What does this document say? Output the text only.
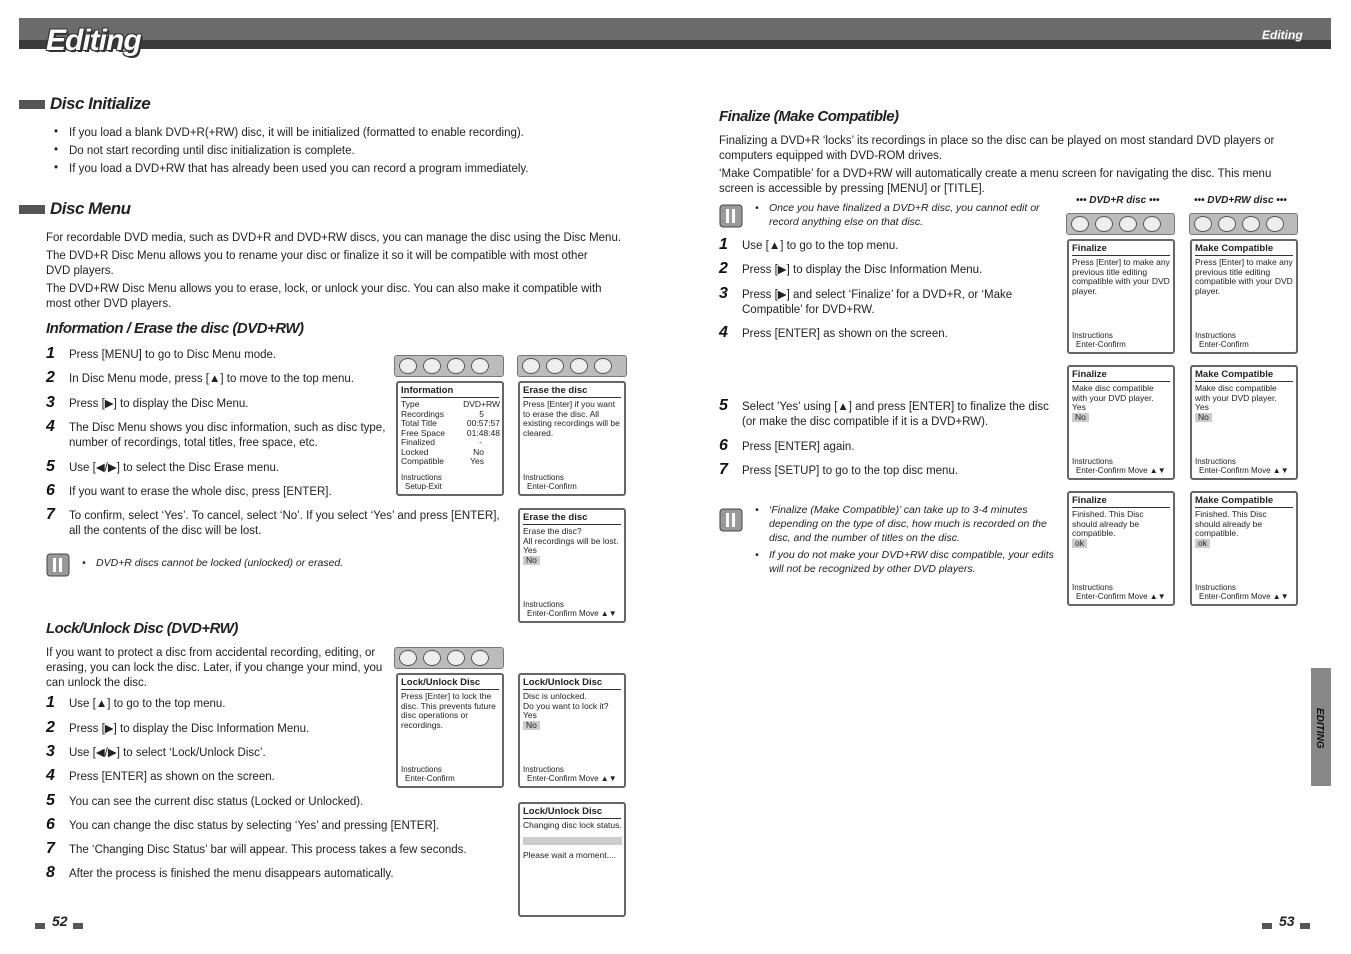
Editing	Editing
Disc Initialize
• If you load a blank DVD+R(+RW) disc, it will be initialized (formatted to enable recording).
• Do not start recording until disc initialization is complete.
• If you load a DVD+RW that has already been used you can record a program immediately.
Disc Menu
For recordable DVD media, such as DVD+R and DVD+RW discs, you can manage the disc using the Disc Menu.
The DVD+R Disc Menu allows you to rename your disc or finalize it so it will be compatible with most other
DVD players.
The DVD+RW Disc Menu allows you to erase, lock, or unlock your disc. You can also make it compatible with
most other DVD players.
Information / Erase the disc (DVD+RW)
1 Press [MENU] to go to Disc Menu mode.
2 In Disc Menu mode, press [▲] to move to the top menu.
3 Press [▶] to display the Disc Menu.
4 The Disc Menu shows you disc information, such as disc type,
number of recordings, total titles, free space, etc.
5 Use [◀/▶] to select the Disc Erase menu.
6 If you want to erase the whole disc, press [ENTER].
7 To confirm, select ‘Yes’. To cancel, select ‘No’. If you select ‘Yes’ and press [ENTER],
all the contents of the disc will be lost.
• DVD+R discs cannot be locked (unlocked) or erased.
Lock/Unlock Disc (DVD+RW)
If you want to protect a disc from accidental recording, editing, or
erasing, you can lock the disc. Later, if you change your mind, you
can unlock the disc.
1 Use [▲] to go to the top menu.
2 Press [▶] to display the Disc Information Menu.
3 Use [◀/▶] to select ‘Lock/Unlock Disc’.
4 Press [ENTER] as shown on the screen.
5 You can see the current disc status (Locked or Unlocked).
6 You can change the disc status by selecting ‘Yes’ and pressing [ENTER].
7 The ‘Changing Disc Status’ bar will appear. This process takes a few seconds.
8 After the process is finished the menu disappears automatically.
Information
Type	DVD+RW
Recordings	5
Total Title	00:57:57
Free Space	01:48:48
Finalized	-
Locked	No
Compatible	Yes
Instructions
Setup-Exit
Erase the disc
Press [Enter] if you want to erase the disc. All existing recordings will be cleared.
Instructions
Enter-Confirm
Erase the disc
Erase the disc?
All recordings will be lost.
Yes
No
Instructions
Enter-Confirm Move ▲▼
Lock/Unlock Disc
Press [Enter] to lock the disc. This prevents future disc operations or recordings.
Instructions
Enter-Confirm
Lock/Unlock Disc
Disc is unlocked.
Do you want to lock it?
Yes
No
Instructions
Enter-Confirm Move ▲▼
Lock/Unlock Disc
Changing disc lock status.
Please wait a moment....
Finalize (Make Compatible)
Finalizing a DVD+R ‘locks’ its recordings in place so the disc can be played on most standard DVD players or
computers equipped with DVD-ROM drives.
‘Make Compatible’ for a DVD+RW will automatically create a menu screen for navigating the disc. This menu
screen is accessible by pressing [MENU] or [TITLE].
• Once you have finalized a DVD+R disc, you cannot edit or
record anything else on that disc.
1 Use [▲] to go to the top menu.
2 Press [▶] to display the Disc Information Menu.
3 Press [▶] and select ‘Finalize’ for a DVD+R, or ‘Make
Compatible’ for DVD+RW.
4 Press [ENTER] as shown on the screen.
5 Select 'Yes' using [▲] and press [ENTER] to finalize the disc
(or make the disc compatible if it is a DVD+RW).
6 Press [ENTER] again.
7 Press [SETUP] to go to the top disc menu.
• ‘Finalize (Make Compatible)’ can take up to 3-4 minutes
depending on the type of disc, how much is recorded on the
disc, and the number of titles on the disc.
• If you do not make your DVD+RW disc compatible, your edits
will not be recognized by other DVD players.
••• DVD+R disc •••	••• DVD+RW disc •••
Finalize
Press [Enter] to make any previous title editing compatible with your DVD player.
Instructions
Enter-Confirm
Make Compatible
Press [Enter] to make any previous title editing compatible with your DVD player.
Instructions
Enter-Confirm
Finalize
Make disc compatible with your DVD player.
Yes
No
Instructions
Enter-Confirm Move ▲▼
Make Compatible
Make disc compatible with your DVD player.
Yes
No
Instructions
Enter-Confirm Move ▲▼
Finalize
Finished. This Disc should already be compatible.
ok
Instructions
Enter-Confirm Move ▲▼
Make Compatible
Finished. This Disc should already be compatible.
ok
Instructions
Enter-Confirm Move ▲▼
EDITING
52	53
